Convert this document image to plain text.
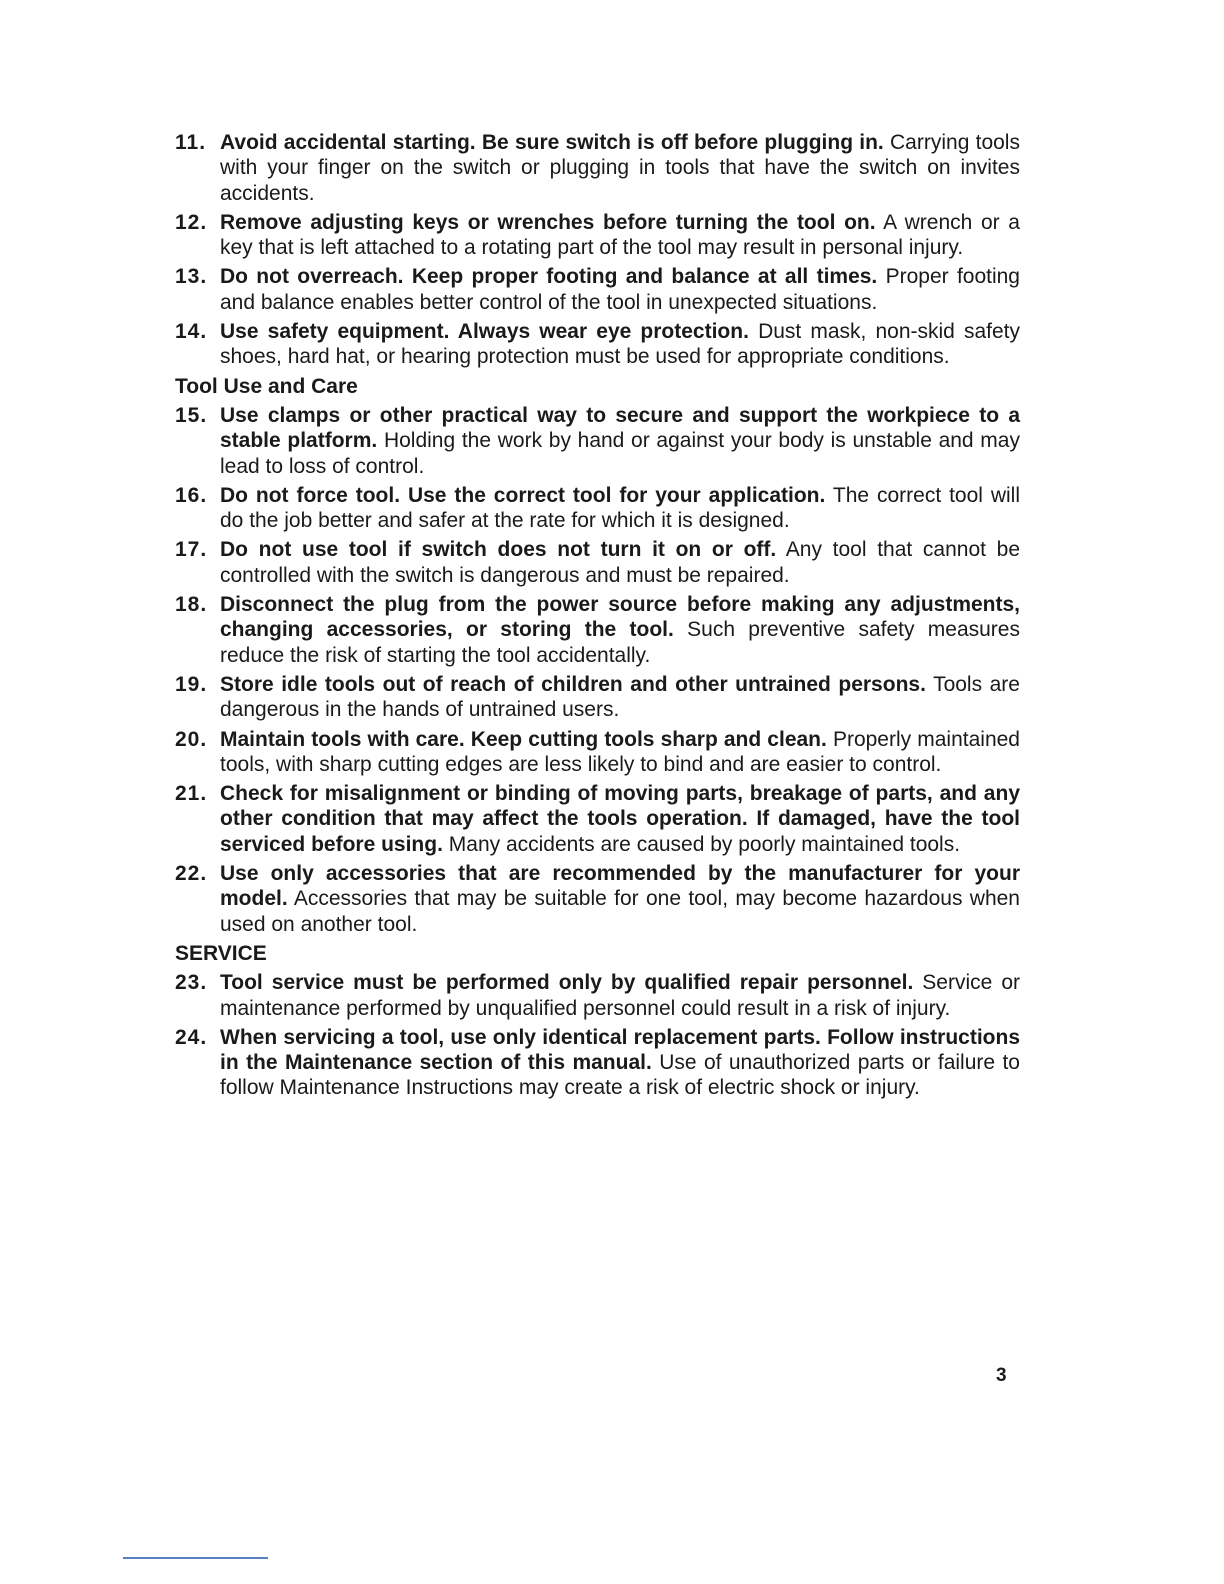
11. Avoid accidental starting. Be sure switch is off before plugging in. Carrying tools with your finger on the switch or plugging in tools that have the switch on invites accidents.
12. Remove adjusting keys or wrenches before turning the tool on. A wrench or a key that is left attached to a rotating part of the tool may result in personal injury.
13. Do not overreach. Keep proper footing and balance at all times. Proper footing and balance enables better control of the tool in unexpected situations.
14. Use safety equipment. Always wear eye protection. Dust mask, non-skid safety shoes, hard hat, or hearing protection must be used for appropriate conditions.
Tool Use and Care
15. Use clamps or other practical way to secure and support the workpiece to a stable platform. Holding the work by hand or against your body is unstable and may lead to loss of control.
16. Do not force tool. Use the correct tool for your application. The correct tool will do the job better and safer at the rate for which it is designed.
17. Do not use tool if switch does not turn it on or off. Any tool that cannot be controlled with the switch is dangerous and must be repaired.
18. Disconnect the plug from the power source before making any adjustments, changing accessories, or storing the tool. Such preventive safety measures reduce the risk of starting the tool accidentally.
19. Store idle tools out of reach of children and other untrained persons. Tools are dangerous in the hands of untrained users.
20. Maintain tools with care. Keep cutting tools sharp and clean. Properly maintained tools, with sharp cutting edges are less likely to bind and are easier to control.
21. Check for misalignment or binding of moving parts, breakage of parts, and any other condition that may affect the tools operation. If damaged, have the tool serviced before using. Many accidents are caused by poorly maintained tools.
22. Use only accessories that are recommended by the manufacturer for your model. Accessories that may be suitable for one tool, may become hazardous when used on another tool.
SERVICE
23. Tool service must be performed only by qualified repair personnel. Service or maintenance performed by unqualified personnel could result in a risk of injury.
24. When servicing a tool, use only identical replacement parts. Follow instructions in the Maintenance section of this manual. Use of unauthorized parts or failure to follow Maintenance Instructions may create a risk of electric shock or injury.
3
